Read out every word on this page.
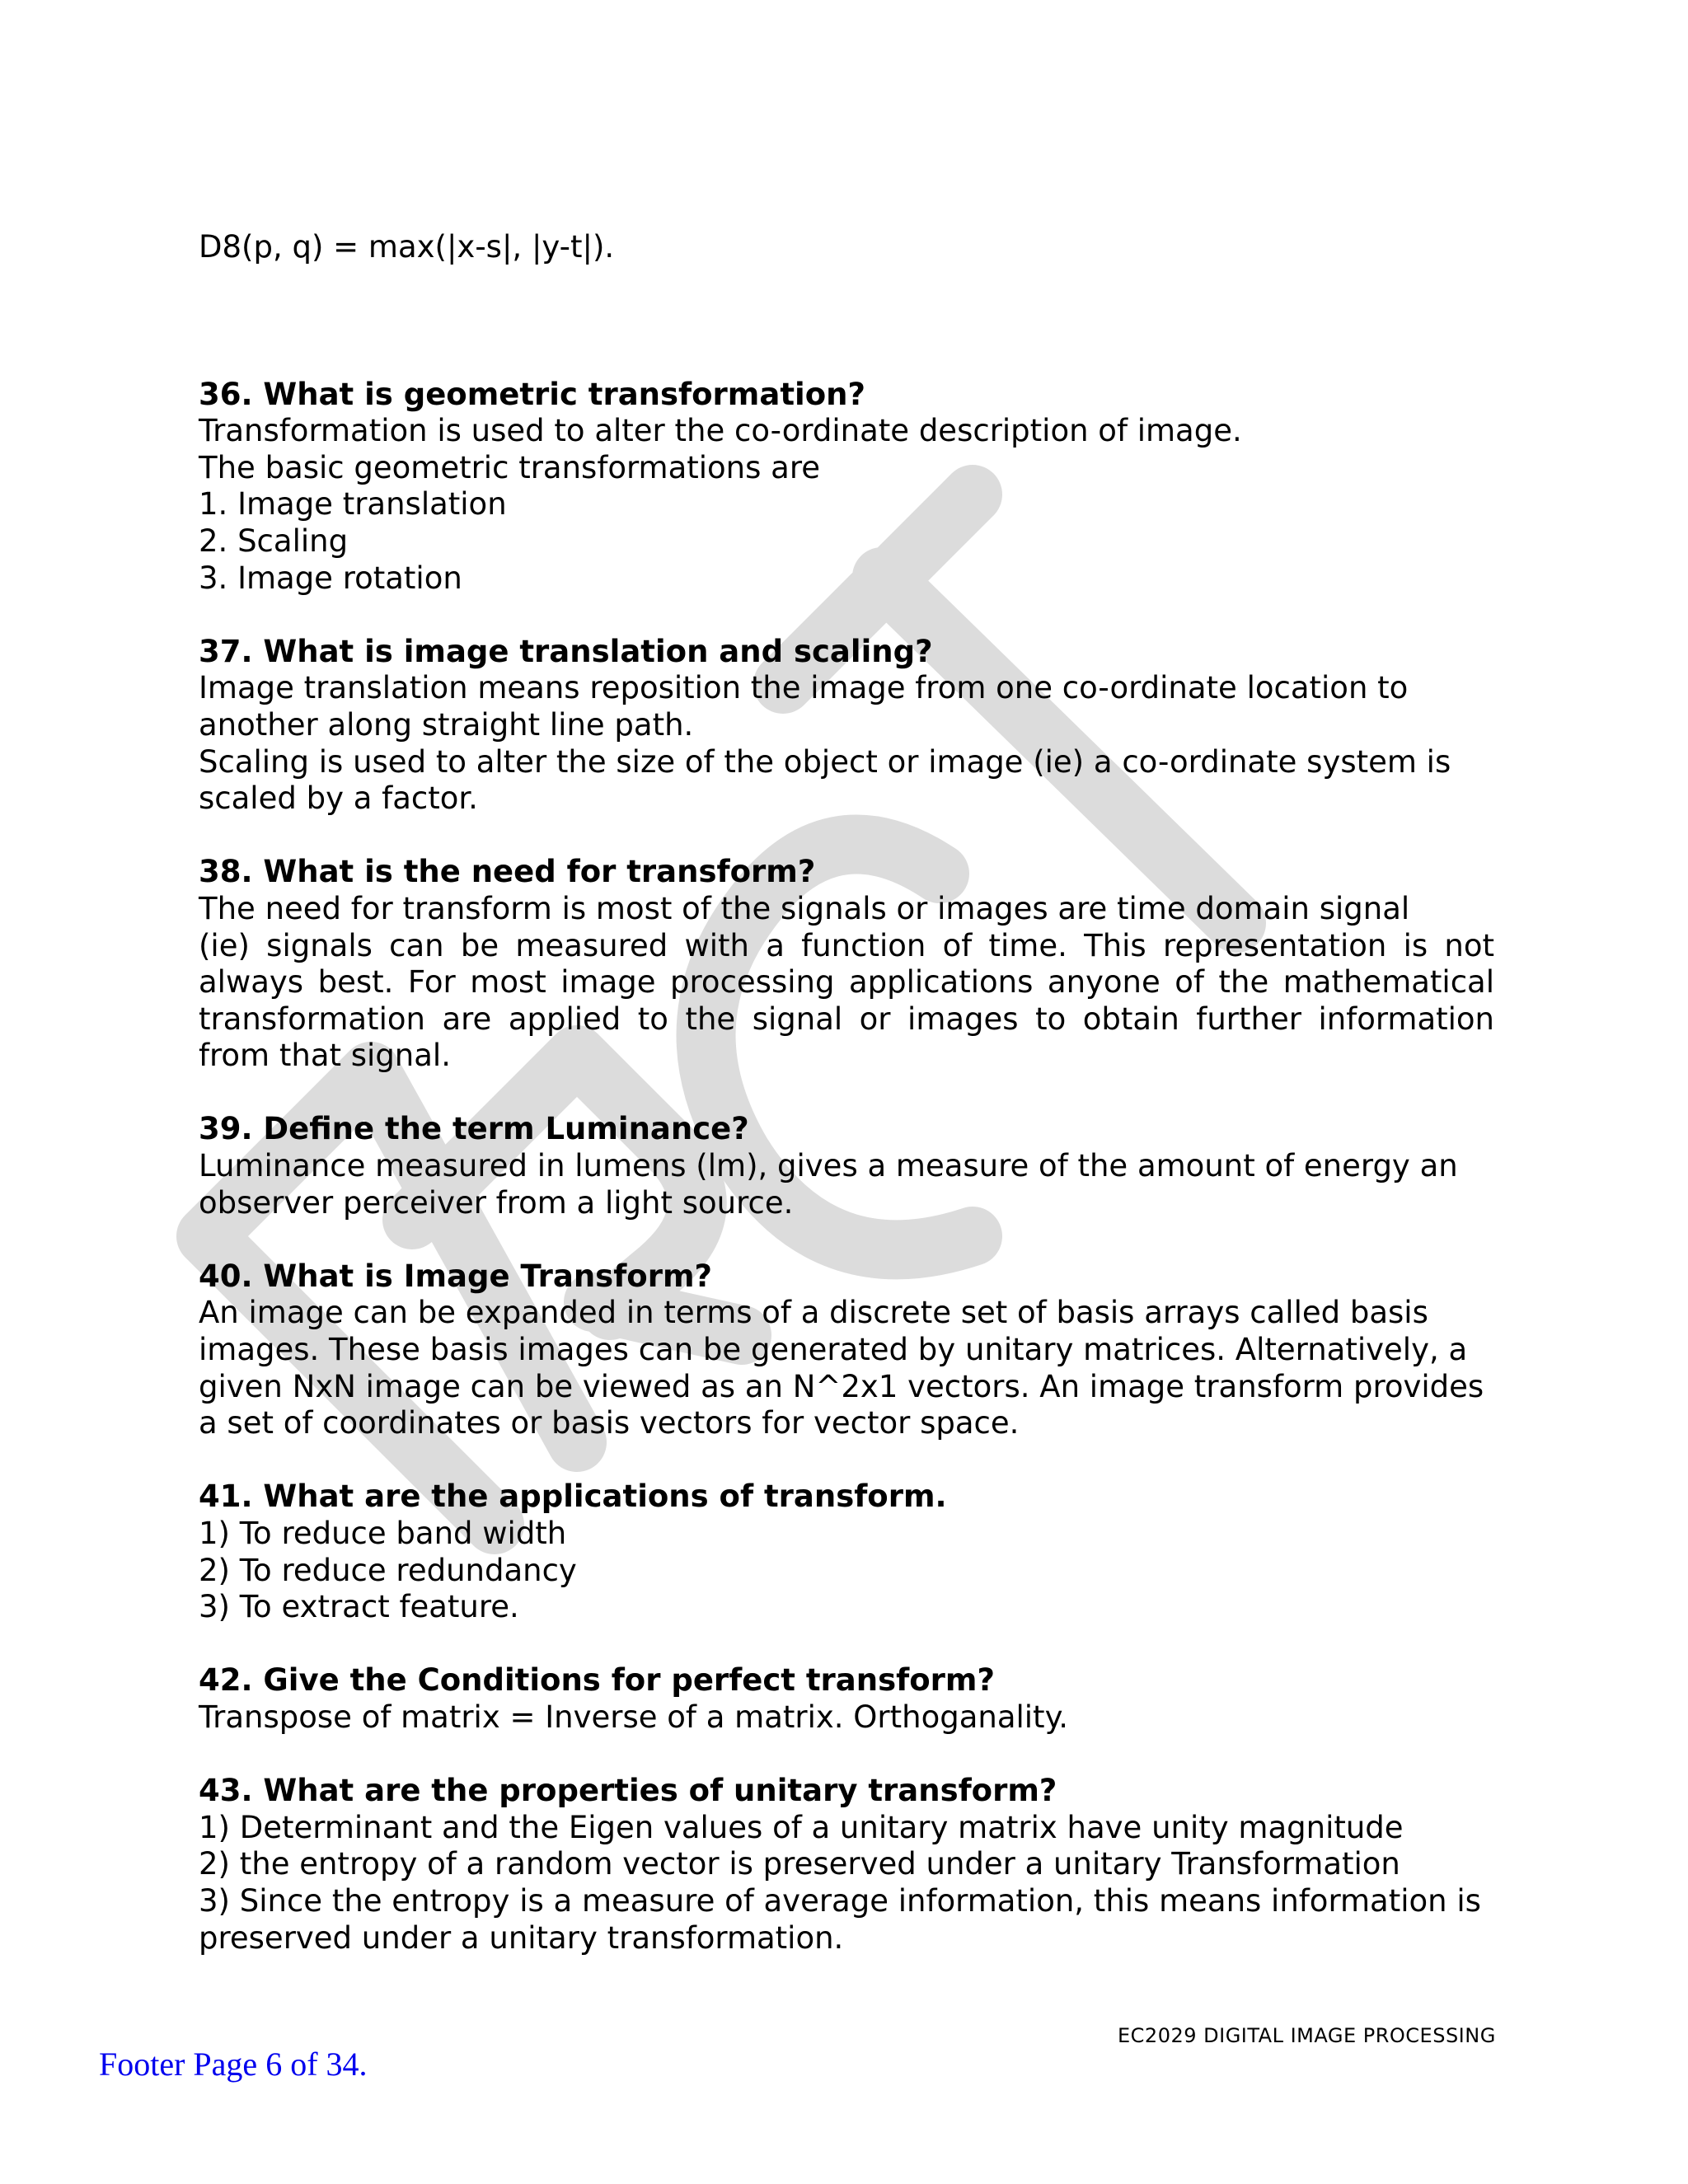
D8(p, q) = max(|x-s|, |y-t|).

36. What is geometric transformation?

Transformation is used to alter the co-ordinate description of image.

The basic geometric transformations are

1. Image translation

2. Scaling

3. Image rotation

37. What is image translation and scaling?

Image translation means reposition the image from one co-ordinate location to another along straight line path.

Scaling is used to alter the size of the object or image (ie) a co-ordinate system is scaled by a factor.

38. What is the need for transform?

The need for transform is most of the signals or images are time domain signal

(ie) signals can be measured with a function of time. This representation is not always best. For most image processing applications anyone of the mathematical transformation are applied to the signal or images to obtain further information from that signal.

39. Define the term Luminance?

Luminance measured in lumens (lm), gives a measure of the amount of energy an observer perceiver from a light source.

40. What is Image Transform?

An image can be expanded in terms of a discrete set of basis arrays called basis images. These basis images can be generated by unitary matrices. Alternatively, a given NxN image can be viewed as an N^2x1 vectors. An image transform provides a set of coordinates or basis vectors for vector space.

41. What are the applications of transform.

1) To reduce band width

2) To reduce redundancy

3) To extract feature.

42. Give the Conditions for perfect transform?

Transpose of matrix = Inverse of a matrix. Orthoganality.

43. What are the properties of unitary transform?

1) Determinant and the Eigen values of a unitary matrix have unity magnitude

2) the entropy of a random vector is preserved under a unitary Transformation

3) Since the entropy is a measure of average information, this means information is preserved under a unitary transformation.

EC2029 DIGITAL IMAGE PROCESSING
Footer Page 6 of 34.
